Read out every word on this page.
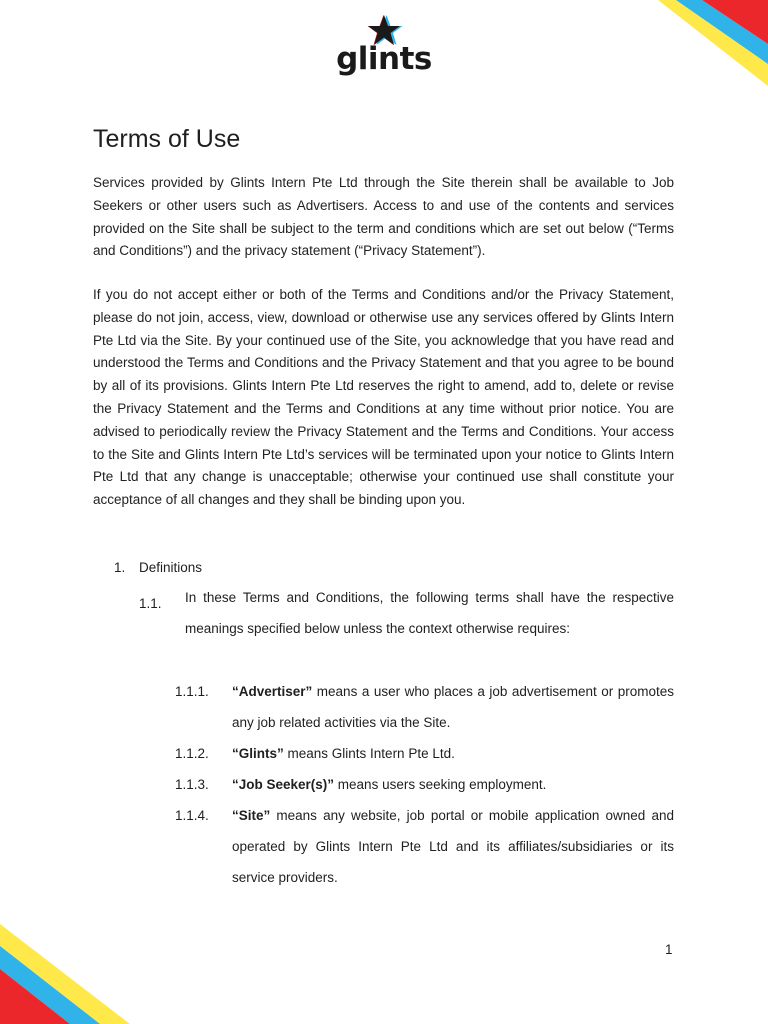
glints
Terms of Use

Services provided by Glints Intern Pte Ltd through the Site therein shall be available to Job Seekers or other users such as Advertisers. Access to and use of the contents and services provided on the Site shall be subject to the term and conditions which are set out below (“Terms and Conditions”) and the privacy statement (“Privacy Statement”).

If you do not accept either or both of the Terms and Conditions and/or the Privacy Statement, please do not join, access, view, download or otherwise use any services offered by Glints Intern Pte Ltd via the Site. By your continued use of the Site, you acknowledge that you have read and understood the Terms and Conditions and the Privacy Statement and that you agree to be bound by all of its provisions. Glints Intern Pte Ltd reserves the right to amend, add to, delete or revise the Privacy Statement and the Terms and Conditions at any time without prior notice. You are advised to periodically review the Privacy Statement and the Terms and Conditions. Your access to the Site and Glints Intern Pte Ltd’s services will be terminated upon your notice to Glints Intern Pte Ltd that any change is unacceptable; otherwise your continued use shall constitute your acceptance of all changes and they shall be binding upon you.

1. Definitions
1.1. In these Terms and Conditions, the following terms shall have the respective meanings specified below unless the context otherwise requires:

1.1.1. “Advertiser” means a user who places a job advertisement or promotes any job related activities via the Site.

1.1.2. “Glints” means Glints Intern Pte Ltd.

1.1.3. “Job Seeker(s)” means users seeking employment.

1.1.4. “Site” means any website, job portal or mobile application owned and operated by Glints Intern Pte Ltd and its affiliates/subsidiaries or its service providers.

1
